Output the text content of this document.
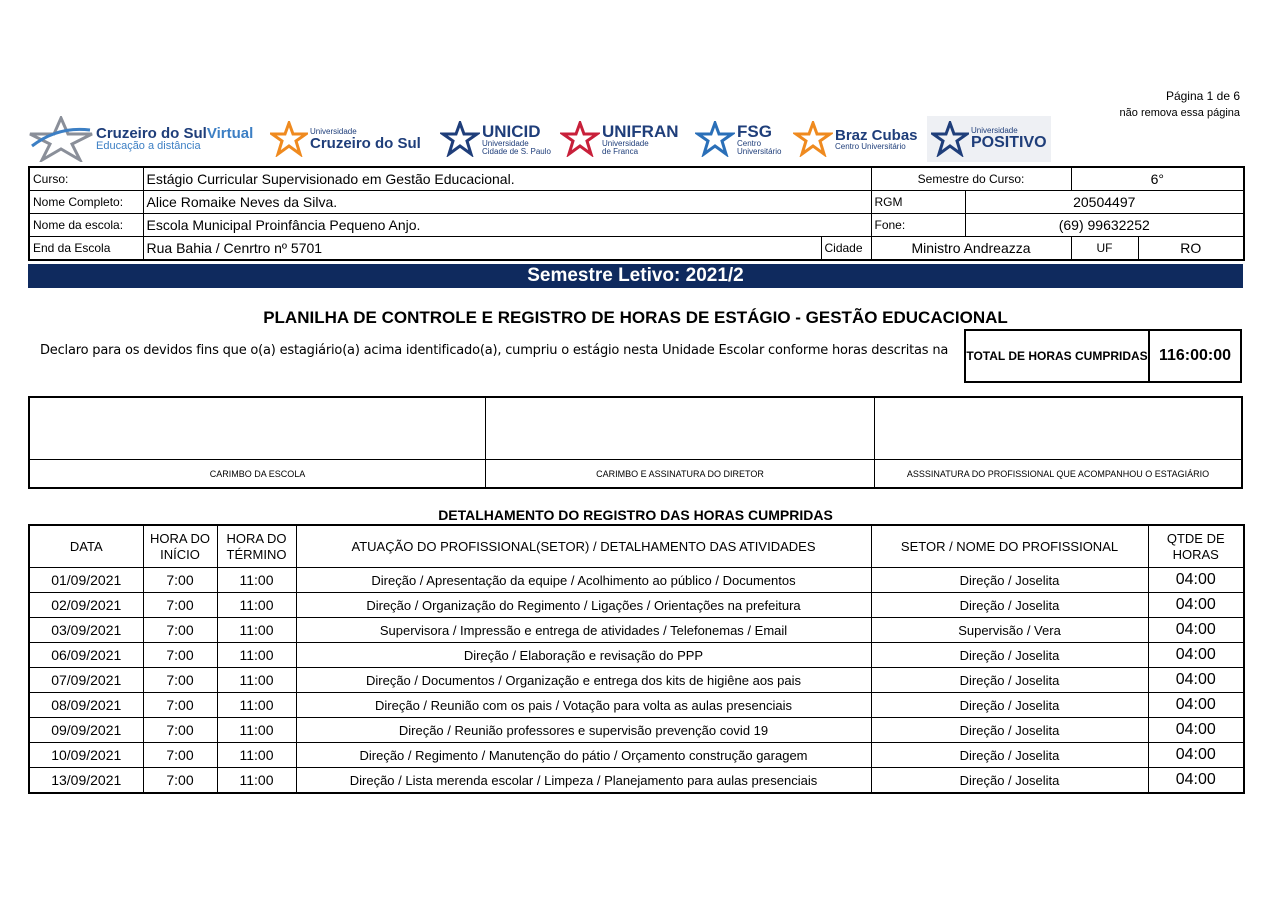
Página 1 de 6
não remova essa página
Cruzeiro do SulVirtual
Educação a distância
Universidade
Cruzeiro do Sul
UNICID
Universidade
Cidade de S. Paulo
UNIFRAN
Universidade
de Franca
FSG
Centro
Universitário
Braz Cubas
Centro Universitário
Universidade
POSITIVO
Curso:	Estágio Curricular Supervisionado em Gestão Educacional.		Semestre do Curso:		6°	
Nome Completo:	Alice Romaike Neves da Silva.		RGM	20504497		
Nome da escola:	Escola Municipal Proinfância Pequeno Anjo.		Fone:	(69) 99632252		
End da Escola	Rua Bahia / Cenrtro nº 5701	Cidade	Ministro Andreazza		UF	RO
Semestre Letivo: 2021/2
PLANILHA DE CONTROLE E REGISTRO DE HORAS DE ESTÁGIO - GESTÃO EDUCACIONAL
Declaro para os devidos fins que o(a) estagiário(a) acima identificado(a), cumpriu o estágio nesta Unidade Escolar conforme horas descritas na TOTAL DE HORAS CUMPRIDAS 116:00:00
CARIMBO DA ESCOLA	CARIMBO E ASSINATURA DO DIRETOR	ASSSINATURA DO PROFISSIONAL QUE ACOMPANHOU O ESTAGIÁRIO
DETALHAMENTO DO REGISTRO DAS HORAS CUMPRIDAS
DATA	HORA DO INÍCIO	HORA DO TÉRMINO	ATUAÇÃO DO PROFISSIONAL(SETOR) / DETALHAMENTO DAS ATIVIDADES	SETOR / NOME DO PROFISSIONAL	QTDE DE HORAS
01/09/2021	7:00	11:00	Direção / Apresentação da equipe / Acolhimento ao público / Documentos	Direção / Joselita	04:00
02/09/2021	7:00	11:00	Direção / Organização do Regimento / Ligações / Orientações na prefeitura	Direção / Joselita	04:00
03/09/2021	7:00	11:00	Supervisora / Impressão e entrega de atividades / Telefonemas / Email	Supervisão / Vera	04:00
06/09/2021	7:00	11:00	Direção / Elaboração e revisação do PPP	Direção / Joselita	04:00
07/09/2021	7:00	11:00	Direção / Documentos / Organização e entrega dos kits de higiêne aos pais	Direção / Joselita	04:00
08/09/2021	7:00	11:00	Direção / Reunião com os pais / Votação para volta as aulas presenciais	Direção / Joselita	04:00
09/09/2021	7:00	11:00	Direção / Reunião professores e supervisão prevenção covid 19	Direção / Joselita	04:00
10/09/2021	7:00	11:00	Direção / Regimento / Manutenção do pátio / Orçamento construção garagem	Direção / Joselita	04:00
13/09/2021	7:00	11:00	Direção / Lista merenda escolar / Limpeza / Planejamento para aulas presenciais	Direção / Joselita	04:00
